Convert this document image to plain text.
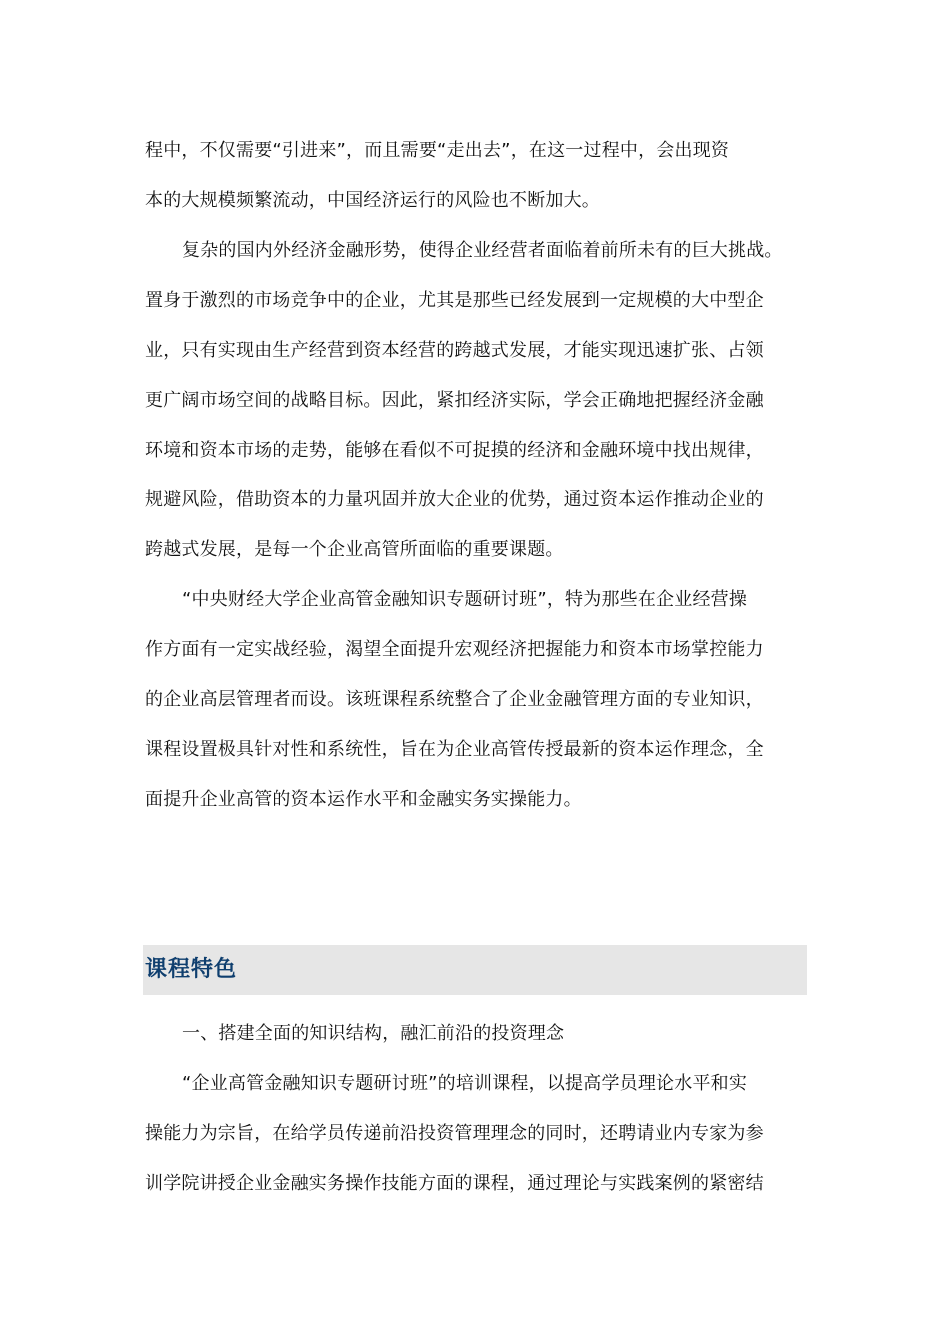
程中，不仅需要“引进来”，而且需要“走出去”，在这一过程中，会出现资
本的大规模频繁流动，中国经济运行的风险也不断加大。
复杂的国内外经济金融形势，使得企业经营者面临着前所未有的巨大挑战。
置身于激烈的市场竞争中的企业，尤其是那些已经发展到一定规模的大中型企
业，只有实现由生产经营到资本经营的跨越式发展，才能实现迅速扩张、占领
更广阔市场空间的战略目标。因此，紧扣经济实际，学会正确地把握经济金融
环境和资本市场的走势，能够在看似不可捉摸的经济和金融环境中找出规律，
规避风险，借助资本的力量巩固并放大企业的优势，通过资本运作推动企业的
跨越式发展，是每一个企业高管所面临的重要课题。
“中央财经大学企业高管金融知识专题研讨班”，特为那些在企业经营操
作方面有一定实战经验，渴望全面提升宏观经济把握能力和资本市场掌控能力
的企业高层管理者而设。该班课程系统整合了企业金融管理方面的专业知识，
课程设置极具针对性和系统性，旨在为企业高管传授最新的资本运作理念，全
面提升企业高管的资本运作水平和金融实务实操能力。
课程特色
一、搭建全面的知识结构，融汇前沿的投资理念
“企业高管金融知识专题研讨班”的培训课程，以提高学员理论水平和实
操能力为宗旨，在给学员传递前沿投资管理理念的同时，还聘请业内专家为参
训学院讲授企业金融实务操作技能方面的课程，通过理论与实践案例的紧密结
